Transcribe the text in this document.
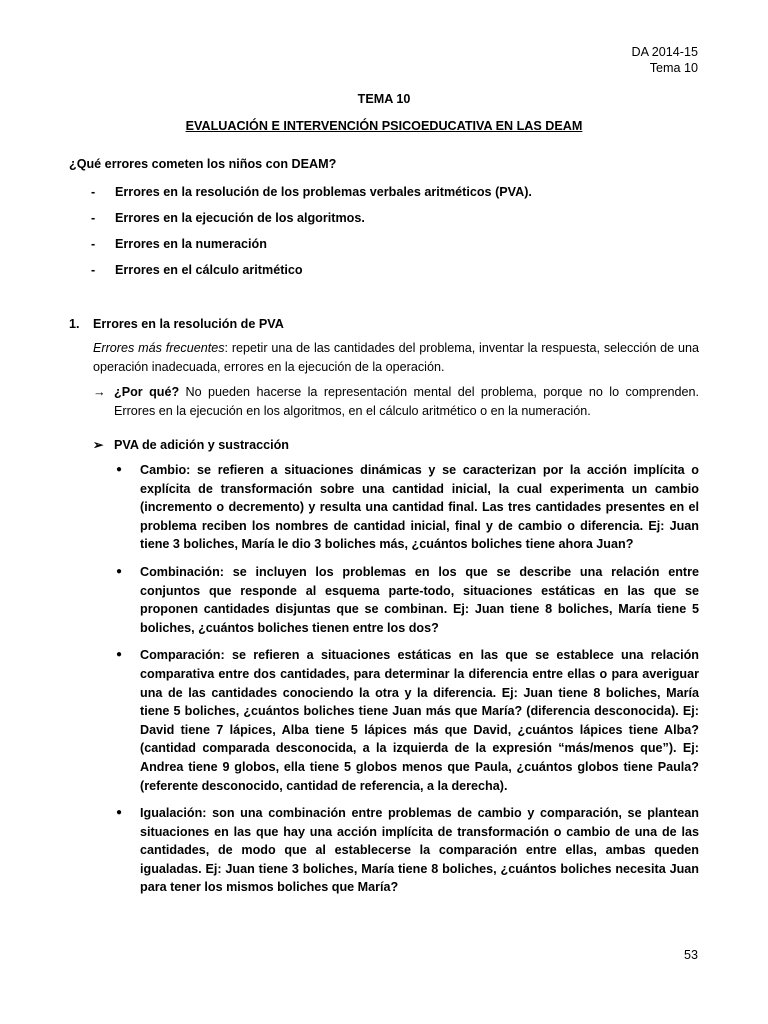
DA 2014-15
Tema 10
TEMA 10
EVALUACIÓN E INTERVENCIÓN PSICOEDUCATIVA EN LAS DEAM
¿Qué errores cometen los niños con DEAM?
- Errores en la resolución de los problemas verbales aritméticos (PVA).
- Errores en la ejecución de los algoritmos.
- Errores en la numeración
- Errores en el cálculo aritmético
1. Errores en la resolución de PVA
Errores más frecuentes: repetir una de las cantidades del problema, inventar la respuesta, selección de una operación inadecuada, errores en la ejecución de la operación.
→ ¿Por qué? No pueden hacerse la representación mental del problema, porque no lo comprenden. Errores en la ejecución en los algoritmos, en el cálculo aritmético o en la numeración.
➢ PVA de adición y sustracción
●
Cambio: se refieren a situaciones dinámicas y se caracterizan por la acción implícita o explícita de transformación sobre una cantidad inicial, la cual experimenta un cambio (incremento o decremento) y resulta una cantidad final. Las tres cantidades presentes en el problema reciben los nombres de cantidad inicial, final y de cambio o diferencia. Ej: Juan tiene 3 boliches, María le dio 3 boliches más, ¿cuántos boliches tiene ahora Juan?
●
Combinación: se incluyen los problemas en los que se describe una relación entre conjuntos que responde al esquema parte-todo, situaciones estáticas en las que se proponen cantidades disjuntas que se combinan. Ej: Juan tiene 8 boliches, María tiene 5 boliches, ¿cuántos boliches tienen entre los dos?
●
Comparación: se refieren a situaciones estáticas en las que se establece una relación comparativa entre dos cantidades, para determinar la diferencia entre ellas o para averiguar una de las cantidades conociendo la otra y la diferencia. Ej: Juan tiene 8 boliches, María tiene 5 boliches, ¿cuántos boliches tiene Juan más que María? (diferencia desconocida). Ej: David tiene 7 lápices, Alba tiene 5 lápices más que David, ¿cuántos lápices tiene Alba? (cantidad comparada desconocida, a la izquierda de la expresión “más/menos que”). Ej: Andrea tiene 9 globos, ella tiene 5 globos menos que Paula, ¿cuántos globos tiene Paula? (referente desconocido, cantidad de referencia, a la derecha).
●
Igualación: son una combinación entre problemas de cambio y comparación, se plantean situaciones en las que hay una acción implícita de transformación o cambio de una de las cantidades, de modo que al establecerse la comparación entre ellas, ambas queden igualadas. Ej: Juan tiene 3 boliches, María tiene 8 boliches, ¿cuántos boliches necesita Juan para tener los mismos boliches que María?
53
